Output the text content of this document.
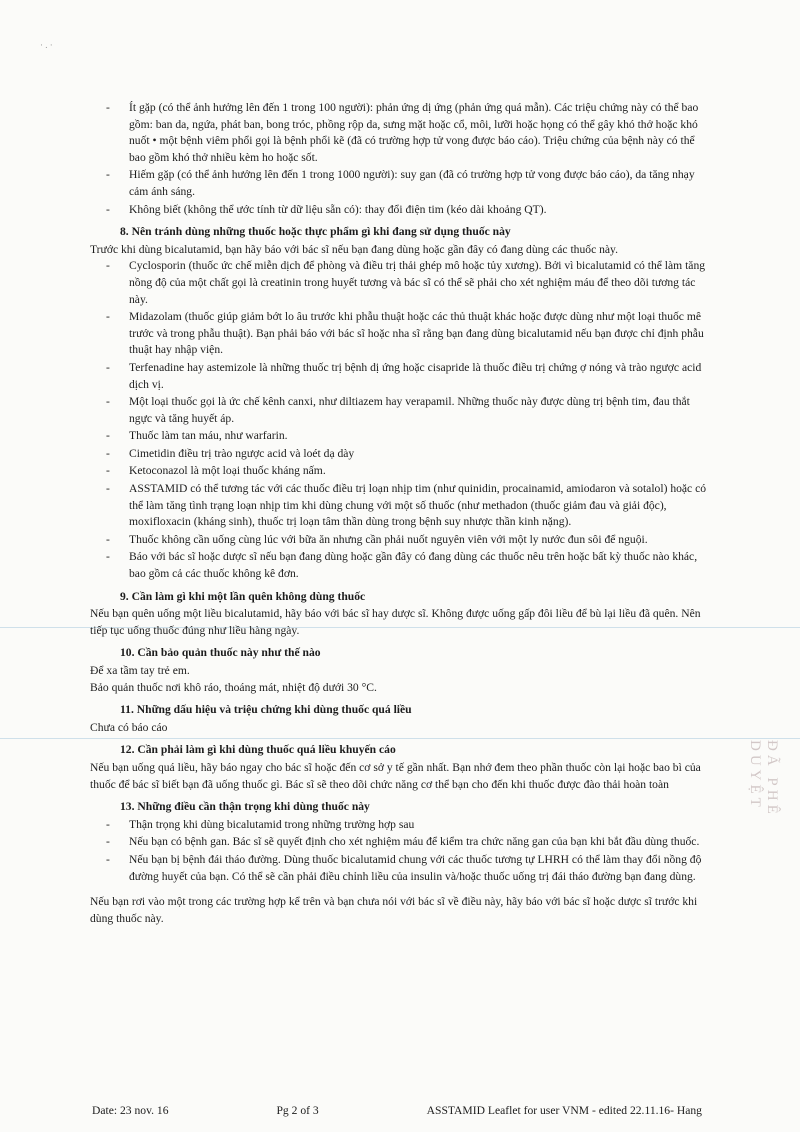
· . ·
ĐÃ PHÊ DUYỆT
- Ít gặp (có thể ảnh hưởng lên đến 1 trong 100 người): phản ứng dị ứng (phản ứng quá mẫn). Các triệu chứng này có thể bao gồm: ban da, ngứa, phát ban, bong tróc, phồng rộp da, sưng mặt hoặc cổ, môi, lưỡi hoặc họng có thể gây khó thở hoặc khó nuốt • một bệnh viêm phổi gọi là bệnh phổi kẽ (đã có trường hợp tử vong được báo cáo). Triệu chứng của bệnh này có thể bao gồm khó thở nhiều kèm ho hoặc sốt.
- Hiếm gặp (có thể ảnh hưởng lên đến 1 trong 1000 người): suy gan (đã có trường hợp tử vong được báo cáo), da tăng nhạy cảm ánh sáng.
- Không biết (không thể ước tính từ dữ liệu sẵn có): thay đổi điện tim (kéo dài khoảng QT).
8. Nên tránh dùng những thuốc hoặc thực phẩm gì khi đang sử dụng thuốc này

Trước khi dùng bicalutamid, bạn hãy báo với bác sĩ nếu bạn đang dùng hoặc gần đây có đang dùng các thuốc này.

- Cyclosporin (thuốc ức chế miễn dịch để phòng và điều trị thải ghép mô hoặc tủy xương). Bởi vì bicalutamid có thể làm tăng nồng độ của một chất gọi là creatinin trong huyết tương và bác sĩ có thể sẽ phải cho xét nghiệm máu để theo dõi tương tác này.
- Midazolam (thuốc giúp giảm bớt lo âu trước khi phẫu thuật hoặc các thủ thuật khác hoặc được dùng như một loại thuốc mê trước và trong phẫu thuật). Bạn phải báo với bác sĩ hoặc nha sĩ rằng bạn đang dùng bicalutamid nếu bạn được chỉ định phẫu thuật hay nhập viện.
- Terfenadine hay astemizole là những thuốc trị bệnh dị ứng hoặc cisapride là thuốc điều trị chứng ợ nóng và trào ngược acid dịch vị.
- Một loại thuốc gọi là ức chế kênh canxi, như diltiazem hay verapamil. Những thuốc này được dùng trị bệnh tim, đau thắt ngực và tăng huyết áp.
- Thuốc làm tan máu, như warfarin.
- Cimetidin điều trị trào ngược acid và loét dạ dày
- Ketoconazol là một loại thuốc kháng nấm.
- ASSTAMID có thể tương tác với các thuốc điều trị loạn nhịp tim (như quinidin, procainamid, amiodaron và sotalol) hoặc có thể làm tăng tình trạng loạn nhịp tim khi dùng chung với một số thuốc (như methadon (thuốc giảm đau và giải độc), moxifloxacin (kháng sinh), thuốc trị loạn tâm thần dùng trong bệnh suy nhược thần kinh nặng).
- Thuốc không cần uống cùng lúc với bữa ăn nhưng cần phải nuốt nguyên viên với một ly nước đun sôi để nguội.
- Báo với bác sĩ hoặc dược sĩ nếu bạn đang dùng hoặc gần đây có đang dùng các thuốc nêu trên hoặc bất kỳ thuốc nào khác, bao gồm cả các thuốc không kê đơn.
9. Cần làm gì khi một lần quên không dùng thuốc

Nếu bạn quên uống một liều bicalutamid, hãy báo với bác sĩ hay dược sĩ. Không được uống gấp đôi liều để bù lại liều đã quên. Nên tiếp tục uống thuốc đúng như liều hàng ngày.

10. Cần bảo quản thuốc này như thế nào

Để xa tầm tay trẻ em.

Bảo quản thuốc nơi khô ráo, thoáng mát, nhiệt độ dưới 30 °C.

11. Những dấu hiệu và triệu chứng khi dùng thuốc quá liều

Chưa có báo cáo

12. Cần phải làm gì khi dùng thuốc quá liều khuyến cáo

Nếu bạn uống quá liều, hãy báo ngay cho bác sĩ hoặc đến cơ sở y tế gần nhất. Bạn nhớ đem theo phần thuốc còn lại hoặc bao bì của thuốc để bác sĩ biết bạn đã uống thuốc gì. Bác sĩ sẽ theo dõi chức năng cơ thể bạn cho đến khi thuốc được đào thải hoàn toàn

13. Những điều cần thận trọng khi dùng thuốc này
- Thận trọng khi dùng bicalutamid trong những trường hợp sau
- Nếu bạn có bệnh gan. Bác sĩ sẽ quyết định cho xét nghiệm máu để kiểm tra chức năng gan của bạn khi bắt đầu dùng thuốc.
- Nếu bạn bị bệnh đái tháo đường. Dùng thuốc bicalutamid chung với các thuốc tương tự LHRH có thể làm thay đổi nồng độ đường huyết của bạn. Có thể sẽ cần phải điều chỉnh liều của insulin và/hoặc thuốc uống trị đái tháo đường bạn đang dùng.

Nếu bạn rơi vào một trong các trường hợp kể trên và bạn chưa nói với bác sĩ về điều này, hãy báo với bác sĩ hoặc dược sĩ trước khi dùng thuốc này.

Date: 23 nov. 16	Pg 2 of 3	ASSTAMID Leaflet for user VNM - edited 22.11.16- Hang
